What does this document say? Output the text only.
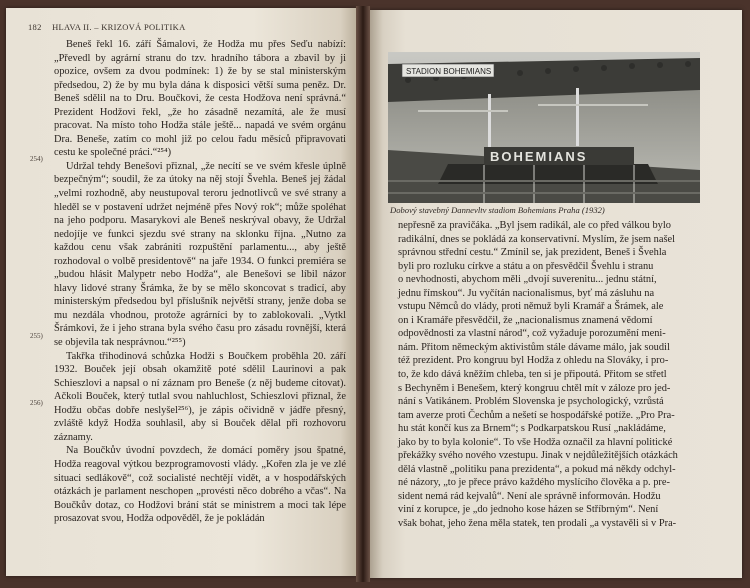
182 HLAVA II. – KRIZOVÁ POLITIKA
254)
255)
256)

Beneš řekl 16. září Šámalovi, že Hodža mu přes Seďu nabízí: „Převedl by agrární stranu do tzv. hradního tábora a zbavil by ji opozice, ovšem za dvou podmínek: 1) že by se stal ministerským předsedou, 2) že by mu byla dána k disposici větší suma peněz. Dr. Beneš sdělil na to Dru. Boučkovi, že cesta Hodžova není správná.“ Prezident Hodžovi řekl, „že ho zásadně nezamítá, ale že musí pracovat. Na místo toho Hodža stále ještě... napadá ve svém orgánu Dra. Beneše, zatím co mohl již po celou řadu měsíců připravovati cestu ke společné práci.“²⁵⁴)

Udržal tehdy Benešovi přiznal, „že necítí se ve svém křesle úplně bezpečným“; soudil, že za útoky na něj stojí Švehla. Beneš jej žádal „velmi rozhodně, aby neustupoval teroru jednotlivců ve své strany a hleděl se v postavení udržet nejméně přes Nový rok“; může spoléhat na jeho podporu. Masarykovi ale Beneš neskrýval obavy, že Udržal nedojíje ve funkci sjezdu své strany na sklonku října. „Nutno za každou cenu však zabrániti rozpuštění parlamentu..., aby ještě rozhodoval o volbě presidentově“ na jaře 1934. O funkci premiéra se „budou hlásit Malypetr nebo Hodža“, ale Benešovi se líbil názor hlavy lidové strany Šrámka, že by se mělo skoncovat s tradicí, aby ministerským předsedou byl příslušník největší strany, jenže doba se mu nezdála vhodnou, protože agrárníci by to zablokovali. „Vytkl Šrámkovi, že i jeho strana byla svého času pro zásadu rovnější, která se objevila tak nesprávnou.“²⁵⁵)

Takřka třihodinová schůzka Hodži s Boučkem proběhla 20. září 1932. Bouček její obsah okamžitě poté sdělil Laurinovi a pak Schieszlovi a napsal o ní záznam pro Beneše (z něj budeme citovat). Ačkoli Bouček, který tutlal svou nahluchlost, Schieszlovi přiznal, že Hodžu občas dobře neslyšel²⁵⁶), je zápis očividně v jádře přesný, zvláště když Hodža souhlasil, aby si Bouček dělal při rozhovoru záznamy.

Na Boučkův úvodní povzdech, že domácí poměry jsou špatné, Hodža reagoval výtkou bezprogramovosti vlády. „Kořen zla je ve zlé situaci sedlákově“, což socialisté nechtějí vidět, a v hospodářských otázkách je parlament neschopen „provésti něco dobrého a včas“. Na Boučkův dotaz, co Hodžovi brání stát se ministrem a moci tak lépe prosazovat svou, Hodža odpověděl, že je pokládán

STADION BOHEMIANS
BOHEMIANS
Dobový stavebný Dannevltv stadiom Bohemians Praha (1932)

nepřesně za pravičáka. „Byl jsem radikál, ale co před válkou bylo

radikální, dnes se pokládá za konservativní. Myslím, že jsem našel

správnou střední cestu.“ Zmínil se, jak prezident, Beneš i Švehla

byli pro rozluku církve a státu a on přesvědčil Švehlu i stranu

o nevhodnosti, abychom měli „dvojí suverenitu... jednu státní,

jednu římskou“. Ju vyčítán nacionalismus, byť má zásluhu na

vstupu Němců do vlády, proti němuž byli Kramář a Šrámek, ale

on i Kramáře přesvědčil, že „nacionalismus znamená vědomí

odpovědnosti za vlastní národ“, což vyžaduje porozumění meni-

nám. Přitom německým aktivistům stále dávame málo, jak soudil

též prezident. Pro kongruu byl Hodža z ohledu na Slováky, i pro-

to, že kdo dává kněžím chleba, ten si je připoutá. Přitom se střetl

s Bechyněm i Benešem, který kongruu chtěl mít v záloze pro jed-

nání s Vatikánem. Problém Slovenska je psychologický, vzrůstá

tam averze proti Čechům a nešetí se hospodářské potíže. „Pro Pra-

hu stát končí kus za Brnem“; s Podkarpatskou Rusí „nakládáme,

jako by to byla kolonie“. To vše Hodža označil za hlavní politické

překážky svého nového vzestupu. Jinak v nejdůležitějších otázkách

dělá vlastně „politiku pana prezidenta“, a pokud má někdy odchyl-

né názory, „to je přece právo každého myslícího člověka a p. pre-

sident nemá rád kejvalů“. Není ale správně informován. Hodžu

viní z korupce, je „do jednoho kose házen se Stříbrným“. Není

však bohat, jeho žena měla statek, ten prodali „a vystavěli si v Pra-
